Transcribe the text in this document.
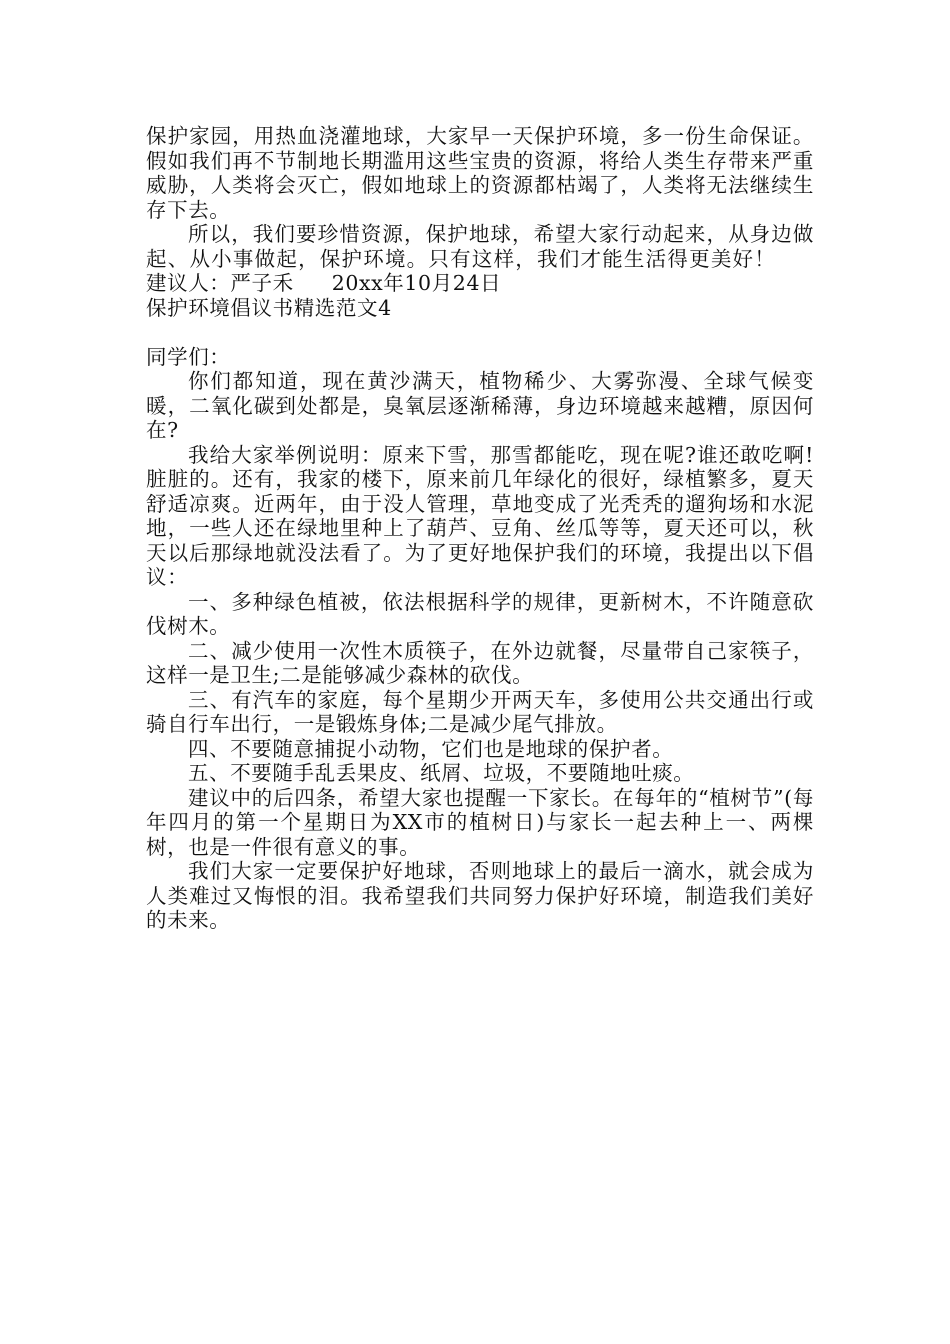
保护家园，用热血浇灌地球，大家早一天保护环境，多一份生命保证。假如我们再不节制地长期滥用这些宝贵的资源，将给人类生存带来严重威胁，人类将会灭亡，假如地球上的资源都枯竭了，人类将无法继续生存下去。

所以，我们要珍惜资源，保护地球，希望大家行动起来，从身边做起、从小事做起，保护环境。只有这样，我们才能生活得更美好！建议人：严子禾 20xx年10月24日

保护环境倡议书精选范文4

同学们：

你们都知道，现在黄沙满天，植物稀少、大雾弥漫、全球气候变暖，二氧化碳到处都是，臭氧层逐渐稀薄，身边环境越来越糟，原因何在?

我给大家举例说明：原来下雪，那雪都能吃，现在呢?谁还敢吃啊!脏脏的。还有，我家的楼下，原来前几年绿化的很好，绿植繁多，夏天舒适凉爽。近两年，由于没人管理，草地变成了光秃秃的遛狗场和水泥地，一些人还在绿地里种上了葫芦、豆角、丝瓜等等，夏天还可以，秋天以后那绿地就没法看了。为了更好地保护我们的环境，我提出以下倡议：

一、多种绿色植被，依法根据科学的规律，更新树木，不许随意砍伐树木。

二、减少使用一次性木质筷子，在外边就餐，尽量带自己家筷子，这样一是卫生;二是能够减少森林的砍伐。

三、有汽车的家庭，每个星期少开两天车，多使用公共交通出行或骑自行车出行，一是锻炼身体;二是减少尾气排放。

四、不要随意捕捉小动物，它们也是地球的保护者。

五、不要随手乱丢果皮、纸屑、垃圾，不要随地吐痰。

建议中的后四条，希望大家也提醒一下家长。在每年的“植树节”(每年四月的第一个星期日为XX市的植树日)与家长一起去种上一、两棵树，也是一件很有意义的事。

我们大家一定要保护好地球，否则地球上的最后一滴水，就会成为人类难过又悔恨的泪。我希望我们共同努力保护好环境，制造我们美好的未来。
